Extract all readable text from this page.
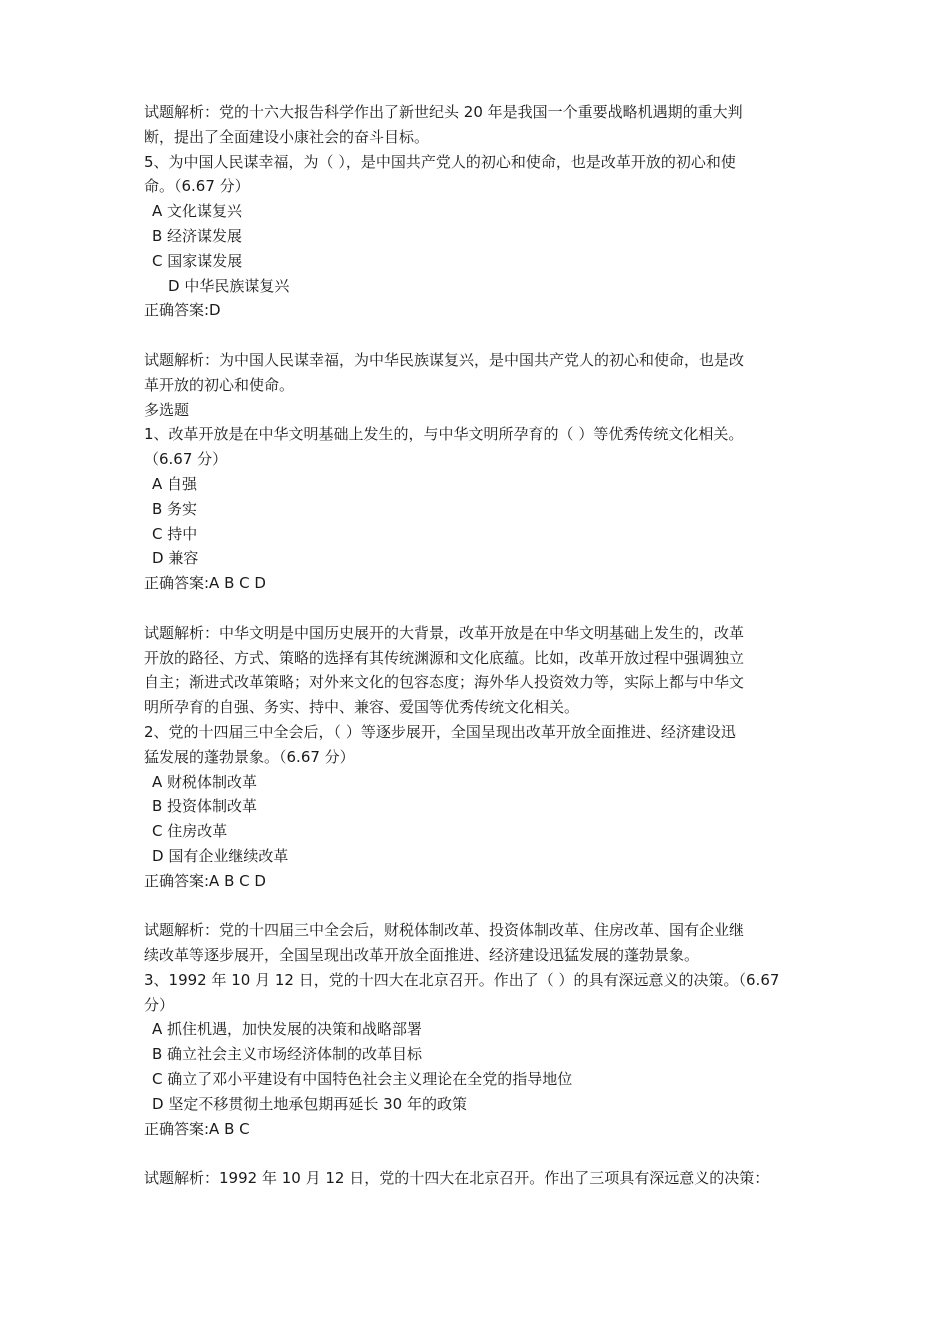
试题解析：党的十六大报告科学作出了新世纪头 20 年是我国一个重要战略机遇期的重大判
断，提出了全面建设小康社会的奋斗目标。
5、为中国人民谋幸福，为（ ），是中国共产党人的初心和使命，也是改革开放的初心和使
命。（6.67 分）
A 文化谋复兴
B 经济谋发展
C 国家谋发展
D 中华民族谋复兴
正确答案:D
试题解析：为中国人民谋幸福，为中华民族谋复兴，是中国共产党人的初心和使命，也是改
革开放的初心和使命。
多选题
1、改革开放是在中华文明基础上发生的，与中华文明所孕育的（ ）等优秀传统文化相关。
（6.67 分）
A 自强
B 务实
C 持中
D 兼容
正确答案:A B C D
试题解析：中华文明是中国历史展开的大背景，改革开放是在中华文明基础上发生的，改革
开放的路径、方式、策略的选择有其传统渊源和文化底蕴。比如，改革开放过程中强调独立
自主；渐进式改革策略；对外来文化的包容态度；海外华人投资效力等，实际上都与中华文
明所孕育的自强、务实、持中、兼容、爱国等优秀传统文化相关。
2、党的十四届三中全会后，（ ）等逐步展开，全国呈现出改革开放全面推进、经济建设迅
猛发展的蓬勃景象。（6.67 分）
A 财税体制改革
B 投资体制改革
C 住房改革
D 国有企业继续改革
正确答案:A B C D
试题解析：党的十四届三中全会后，财税体制改革、投资体制改革、住房改革、国有企业继
续改革等逐步展开，全国呈现出改革开放全面推进、经济建设迅猛发展的蓬勃景象。
3、1992 年 10 月 12 日，党的十四大在北京召开。作出了（ ）的具有深远意义的决策。（6.67
分）
A 抓住机遇，加快发展的决策和战略部署
B 确立社会主义市场经济体制的改革目标
C 确立了邓小平建设有中国特色社会主义理论在全党的指导地位
D 坚定不移贯彻土地承包期再延长 30 年的政策
正确答案:A B C
试题解析：1992 年 10 月 12 日，党的十四大在北京召开。作出了三项具有深远意义的决策：
